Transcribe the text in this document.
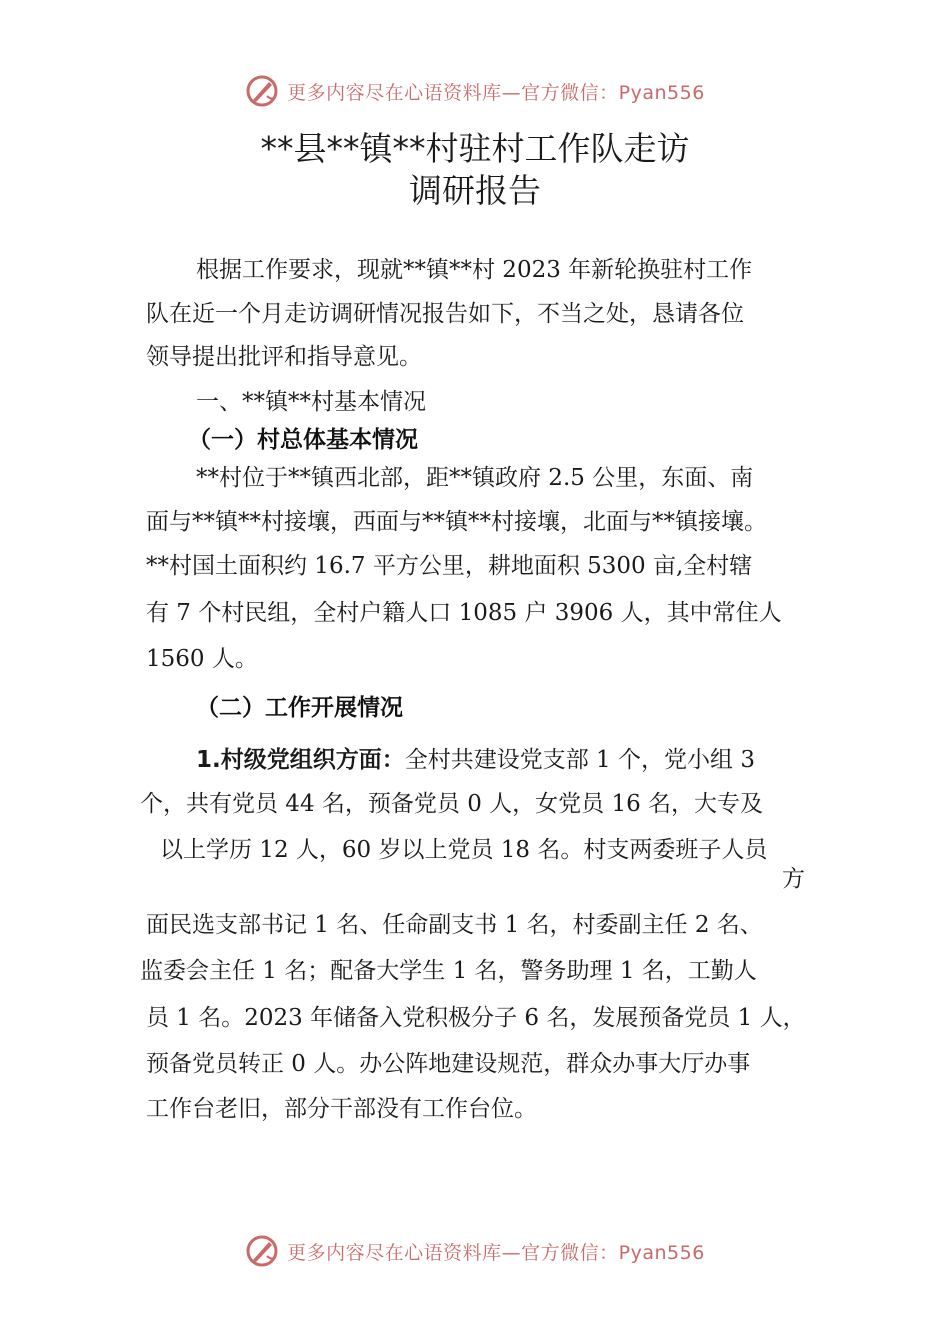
更多内容尽在心语资料库—官方微信：Pyan556
**县**镇**村驻村工作队走访
调研报告
根据工作要求，现就**镇**村 2023 年新轮换驻村工作
队在近一个月走访调研情况报告如下，不当之处，恳请各位
领导提出批评和指导意见。
一、**镇**村基本情况
（一）村总体基本情况
**村位于**镇西北部，距**镇政府 2.5 公里，东面、南
面与**镇**村接壤，西面与**镇**村接壤，北面与**镇接壤。
**村国土面积约 16.7 平方公里，耕地面积 5300 亩,全村辖
有 7 个村民组，全村户籍人口 1085 户 3906 人，其中常住人
1560 人。
（二）工作开展情况
1.村级党组织方面：全村共建设党支部 1 个，党小组 3
个，共有党员 44 名，预备党员 0 人，女党员 16 名，大专及
以上学历 12 人，60 岁以上党员 18 名。村支两委班子人员
方
面民选支部书记 1 名、任命副支书 1 名，村委副主任 2 名、
监委会主任 1 名；配备大学生 1 名，警务助理 1 名，工勤人
员 1 名。2023 年储备入党积极分子 6 名，发展预备党员 1 人，
预备党员转正 0 人。办公阵地建设规范，群众办事大厅办事
工作台老旧，部分干部没有工作台位。
更多内容尽在心语资料库—官方微信：Pyan556
